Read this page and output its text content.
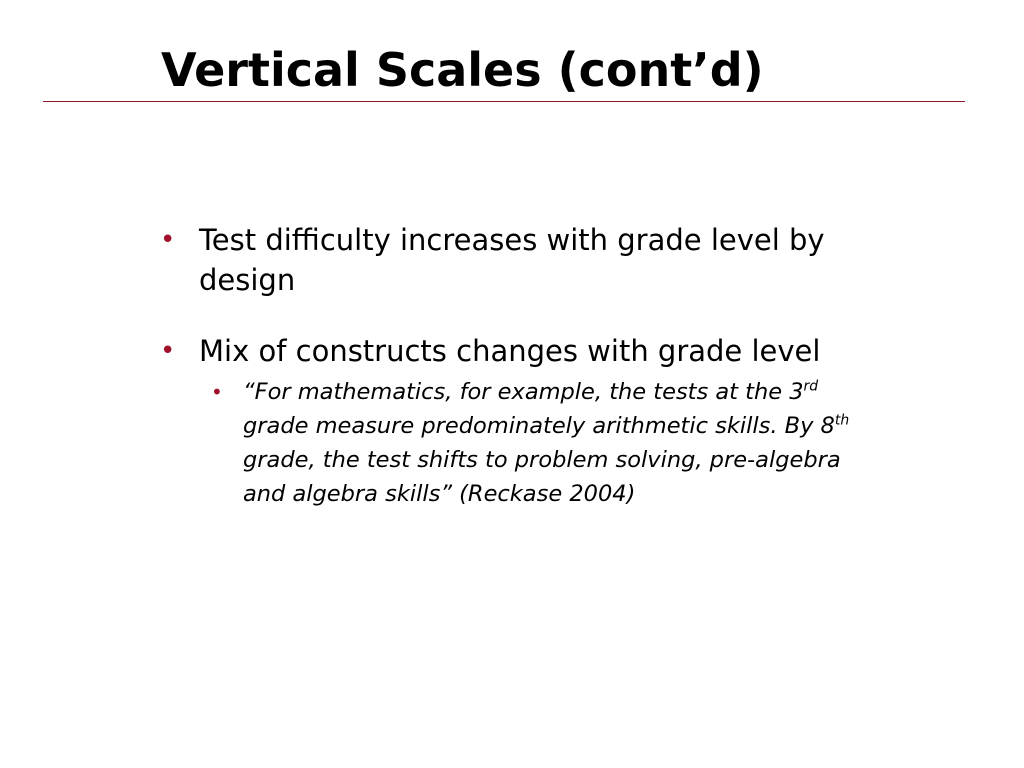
Vertical Scales (cont’d)
• Test difficulty increases with grade level by design
• Mix of constructs changes with grade level
• “For mathematics, for example, the tests at the 3rd grade measure predominately arithmetic skills. By 8th grade, the test shifts to problem solving, pre-algebra and algebra skills” (Reckase 2004)
